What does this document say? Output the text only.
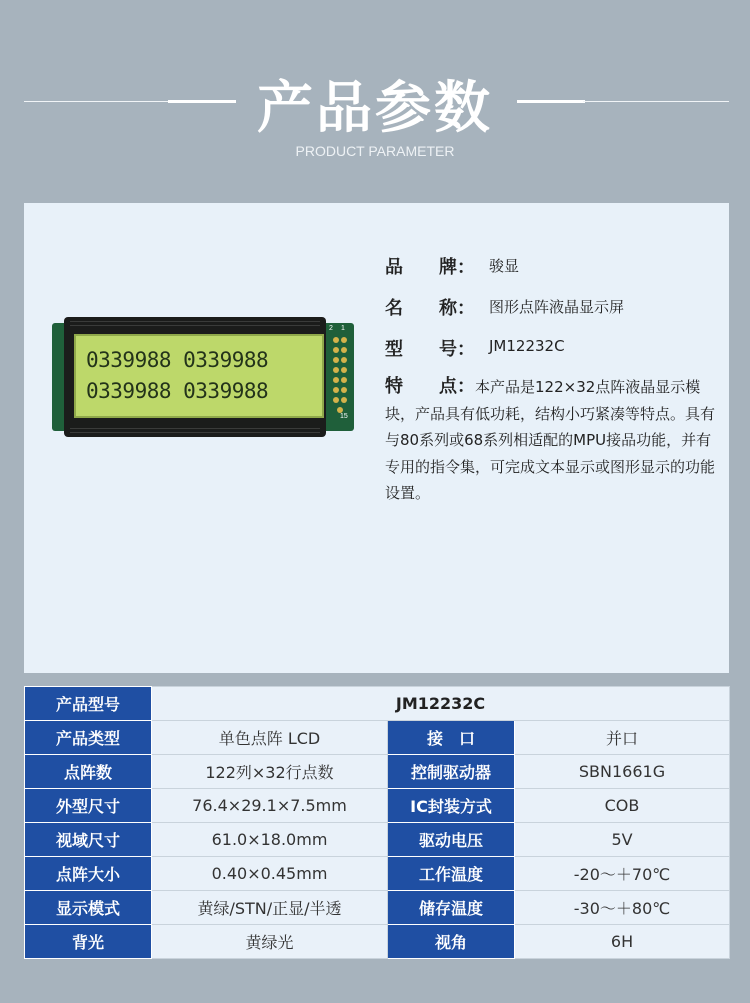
产品参数
PRODUCT PARAMETER
0339988 0339988
0339988 0339988
2 1
15
品　　牌： 骏显
名　　称： 图形点阵液晶显示屏
型　　号： JM12232C
特　　点：本产品是122×32点阵液晶显示模块，产品具有低功耗，结构小巧紧凑等特点。具有与80系列或68系列相适配的MPU接品功能，并有专用的指令集，可完成文本显示或图形显示的功能设置。
产品型号	JM12232C		
产品类型	单色点阵 LCD	接　口	并口
点阵数	122列×32行点数	控制驱动器	SBN1661G
外型尺寸	76.4×29.1×7.5mm	IC封装方式	COB
视域尺寸	61.0×18.0mm	驱动电压	5V
点阵大小	0.40×0.45mm	工作温度	-20～＋70℃
显示模式	黄绿/STN/正显/半透	储存温度	-30～＋80℃
背光	黄绿光	视角	6H
